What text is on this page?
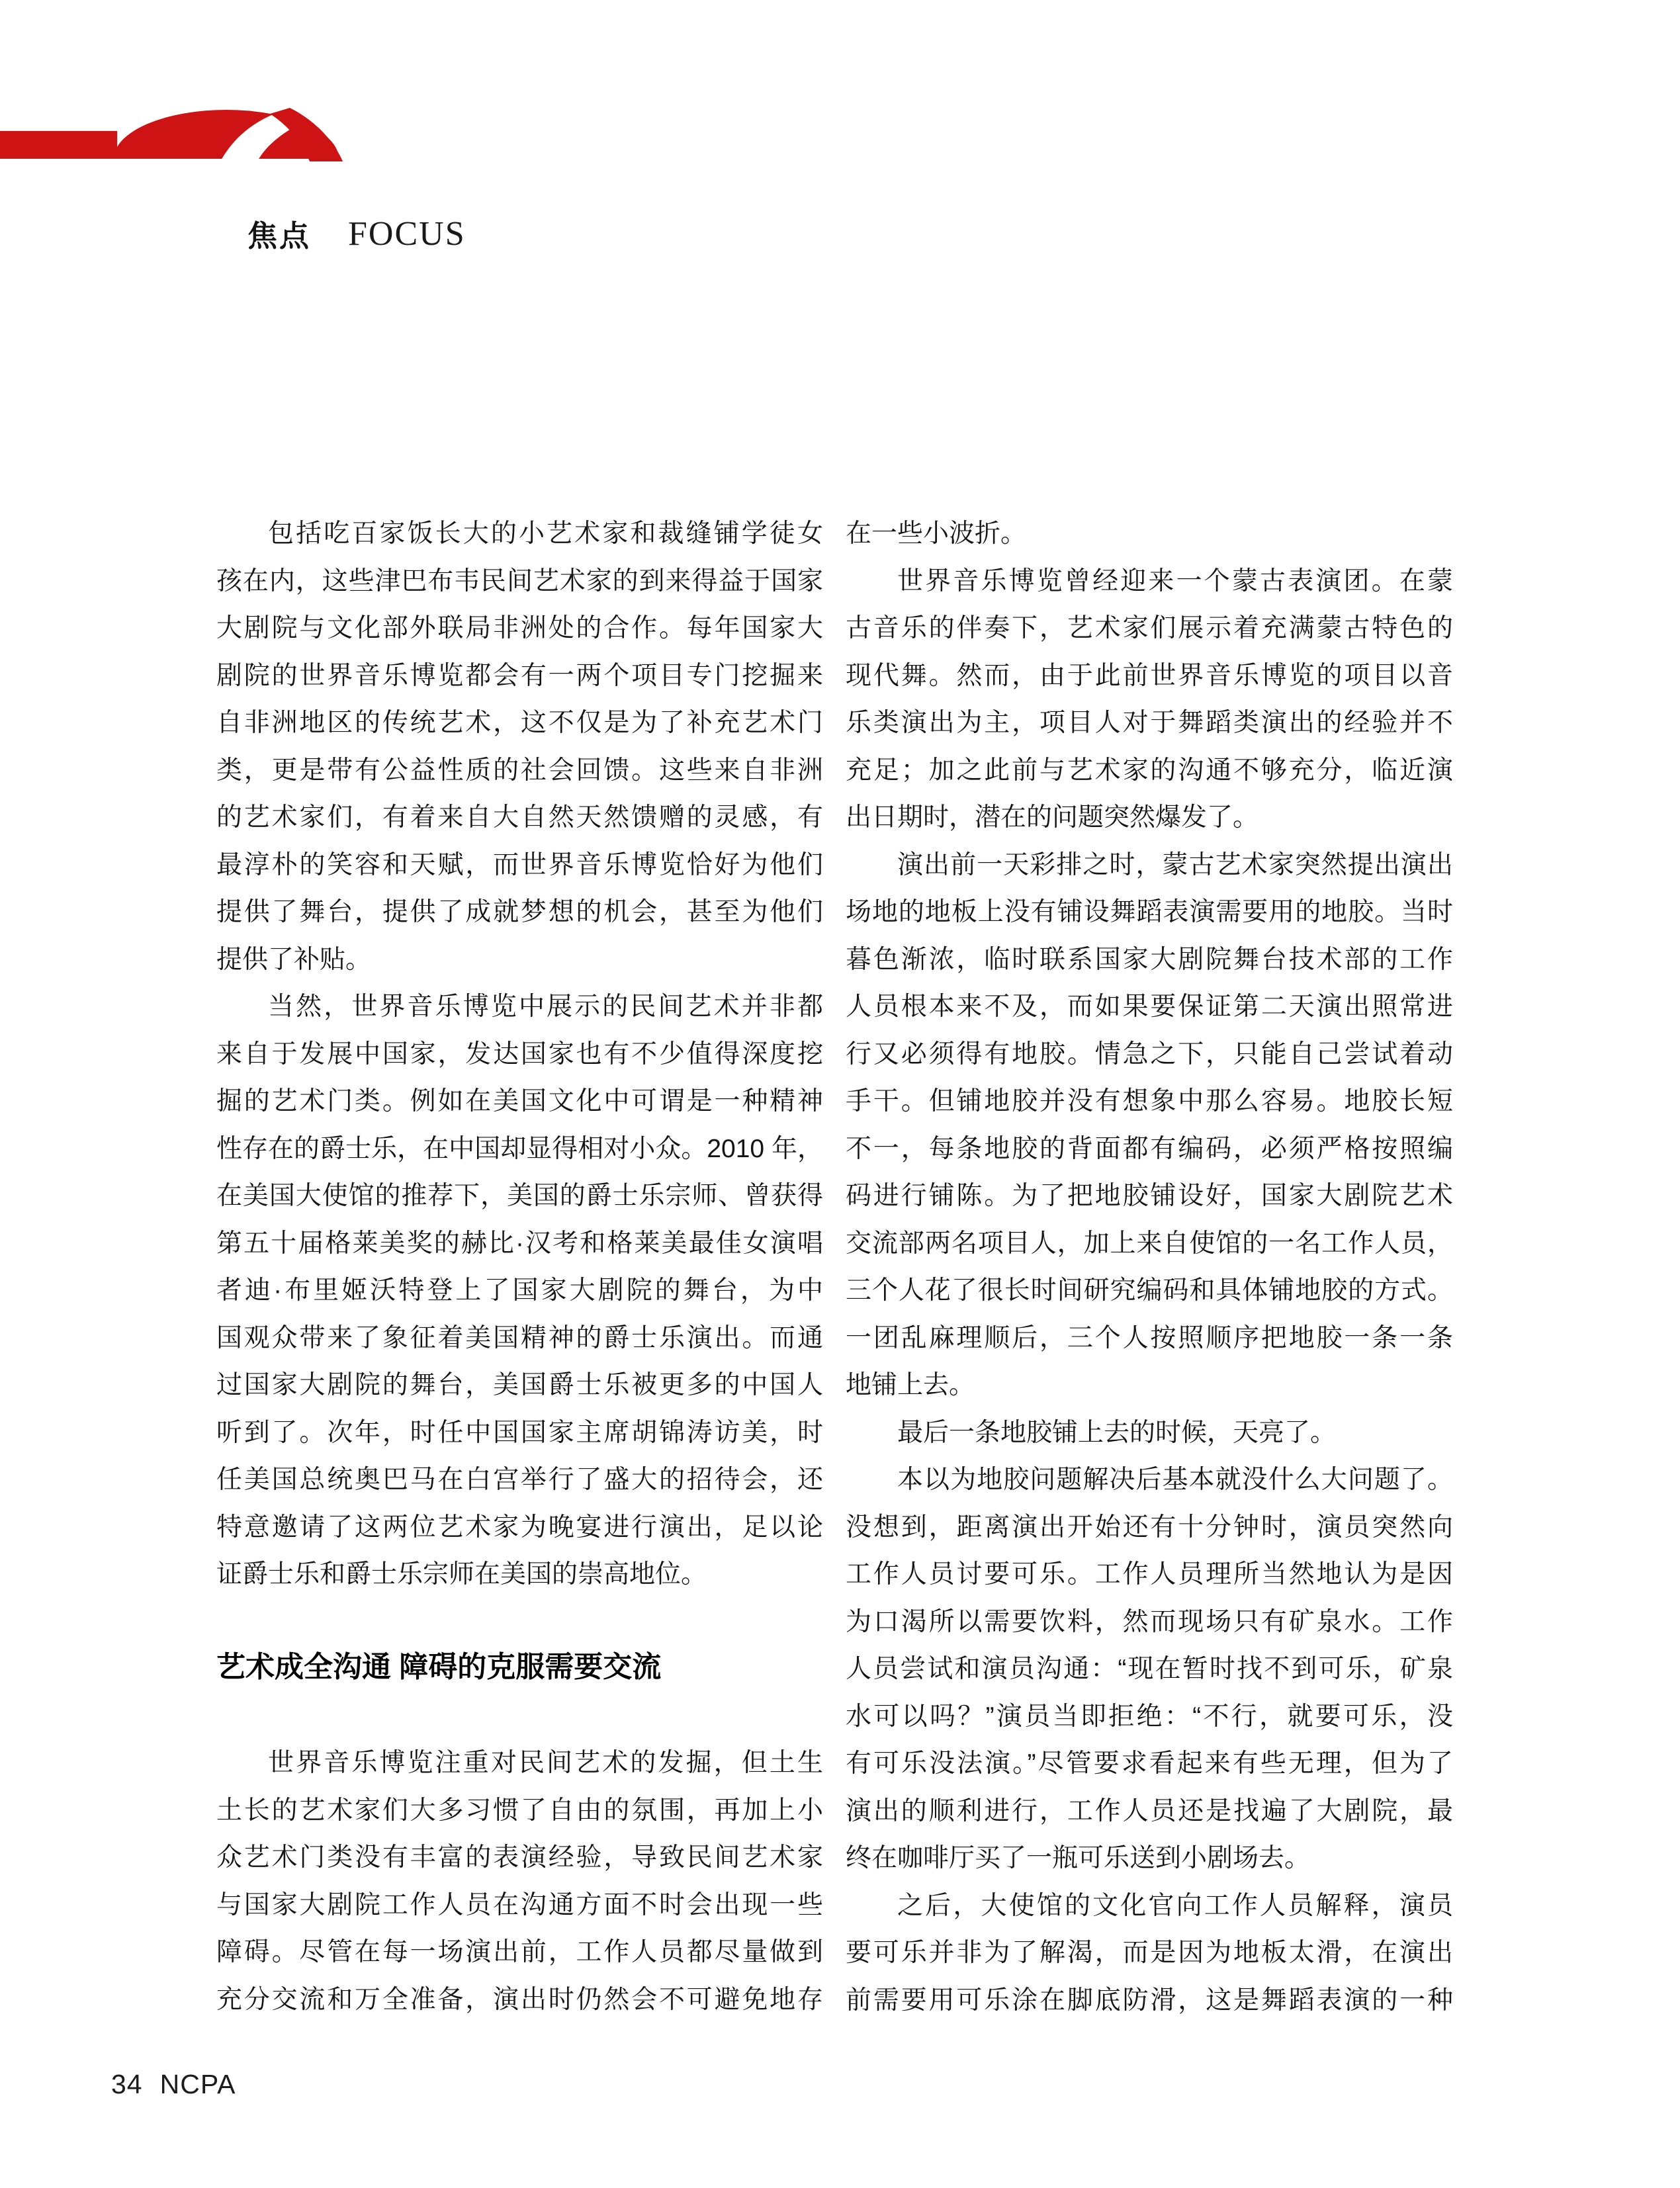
焦点 FOCUS
包括吃百家饭长大的小艺术家和裁缝铺学徒女
孩在内，这些津巴布韦民间艺术家的到来得益于国家
大剧院与文化部外联局非洲处的合作。每年国家大
剧院的世界音乐博览都会有一两个项目专门挖掘来
自非洲地区的传统艺术，这不仅是为了补充艺术门
类，更是带有公益性质的社会回馈。这些来自非洲
的艺术家们，有着来自大自然天然馈赠的灵感，有
最淳朴的笑容和天赋，而世界音乐博览恰好为他们
提供了舞台，提供了成就梦想的机会，甚至为他们
提供了补贴。
当然，世界音乐博览中展示的民间艺术并非都
来自于发展中国家，发达国家也有不少值得深度挖
掘的艺术门类。例如在美国文化中可谓是一种精神
性存在的爵士乐，在中国却显得相对小众。2010 年，
在美国大使馆的推荐下，美国的爵士乐宗师、曾获得
第五十届格莱美奖的赫比·汉考和格莱美最佳女演唱
者迪·布里姬沃特登上了国家大剧院的舞台，为中
国观众带来了象征着美国精神的爵士乐演出。而通
过国家大剧院的舞台，美国爵士乐被更多的中国人
听到了。次年，时任中国国家主席胡锦涛访美，时
任美国总统奥巴马在白宫举行了盛大的招待会，还
特意邀请了这两位艺术家为晚宴进行演出，足以论
证爵士乐和爵士乐宗师在美国的崇高地位。
艺术成全沟通 障碍的克服需要交流
世界音乐博览注重对民间艺术的发掘，但土生
土长的艺术家们大多习惯了自由的氛围，再加上小
众艺术门类没有丰富的表演经验，导致民间艺术家
与国家大剧院工作人员在沟通方面不时会出现一些
障碍。尽管在每一场演出前，工作人员都尽量做到
充分交流和万全准备，演出时仍然会不可避免地存
在一些小波折。
世界音乐博览曾经迎来一个蒙古表演团。在蒙
古音乐的伴奏下，艺术家们展示着充满蒙古特色的
现代舞。然而，由于此前世界音乐博览的项目以音
乐类演出为主，项目人对于舞蹈类演出的经验并不
充足；加之此前与艺术家的沟通不够充分，临近演
出日期时，潜在的问题突然爆发了。
演出前一天彩排之时，蒙古艺术家突然提出演出
场地的地板上没有铺设舞蹈表演需要用的地胶。当时
暮色渐浓，临时联系国家大剧院舞台技术部的工作
人员根本来不及，而如果要保证第二天演出照常进
行又必须得有地胶。情急之下，只能自己尝试着动
手干。但铺地胶并没有想象中那么容易。地胶长短
不一，每条地胶的背面都有编码，必须严格按照编
码进行铺陈。为了把地胶铺设好，国家大剧院艺术
交流部两名项目人，加上来自使馆的一名工作人员，
三个人花了很长时间研究编码和具体铺地胶的方式。
一团乱麻理顺后，三个人按照顺序把地胶一条一条
地铺上去。
最后一条地胶铺上去的时候，天亮了。
本以为地胶问题解决后基本就没什么大问题了。
没想到，距离演出开始还有十分钟时，演员突然向
工作人员讨要可乐。工作人员理所当然地认为是因
为口渴所以需要饮料，然而现场只有矿泉水。工作
人员尝试和演员沟通：“现在暂时找不到可乐，矿泉
水可以吗？”演员当即拒绝：“不行，就要可乐，没
有可乐没法演。”尽管要求看起来有些无理，但为了
演出的顺利进行，工作人员还是找遍了大剧院，最
终在咖啡厅买了一瓶可乐送到小剧场去。
之后，大使馆的文化官向工作人员解释，演员
要可乐并非为了解渴，而是因为地板太滑，在演出
前需要用可乐涂在脚底防滑，这是舞蹈表演的一种
34 NCPA
